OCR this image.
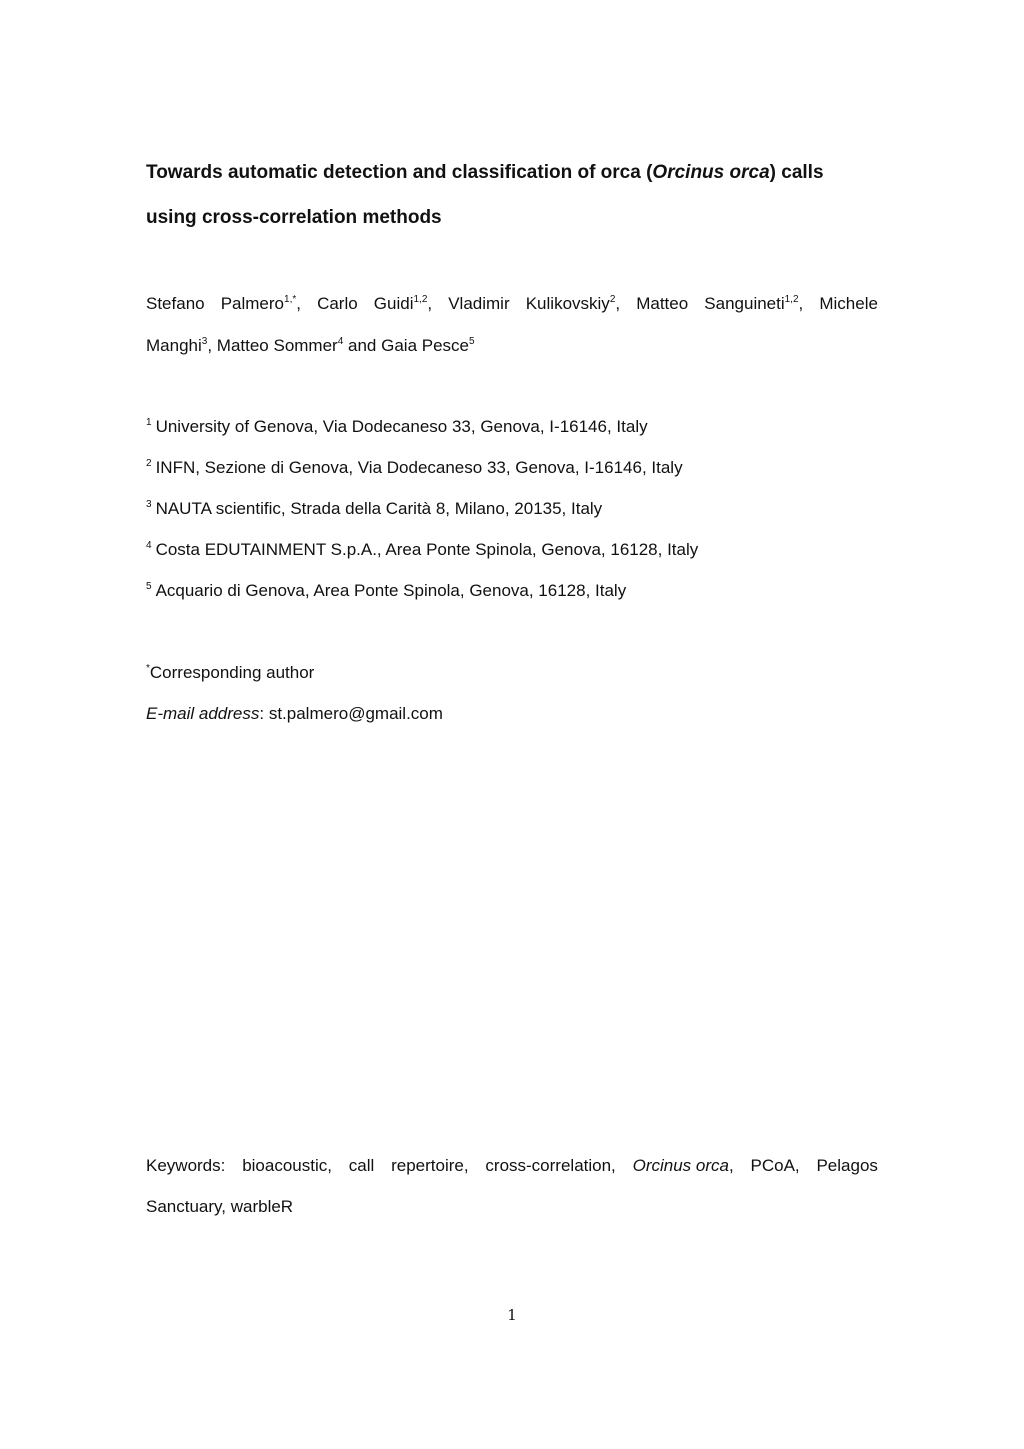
Towards automatic detection and classification of orca (Orcinus orca) calls
using cross-correlation methods
Stefano Palmero$^{1,*}$, Carlo Guidi$^{1,2}$, Vladimir Kulikovskiy$^2$, Matteo Sanguineti$^{1,2}$, Michele
Manghi$^3$, Matteo Sommer$^4$ and Gaia Pesce$^5$
$^1$ University of Genova, Via Dodecaneso 33, Genova, I-16146, Italy
$^2$ INFN, Sezione di Genova, Via Dodecaneso 33, Genova, I-16146, Italy
$^3$ NAUTA scientific, Strada della Carità 8, Milano, 20135, Italy
$^4$ Costa EDUTAINMENT S.p.A., Area Ponte Spinola, Genova, 16128, Italy
$^5$ Acquario di Genova, Area Ponte Spinola, Genova, 16128, Italy
*Corresponding author
E-mail address: st.palmero@gmail.com
Keywords: bioacoustic, call repertoire, cross-correlation, Orcinus orca, PCoA, Pelagos
Sanctuary, warbleR
1
